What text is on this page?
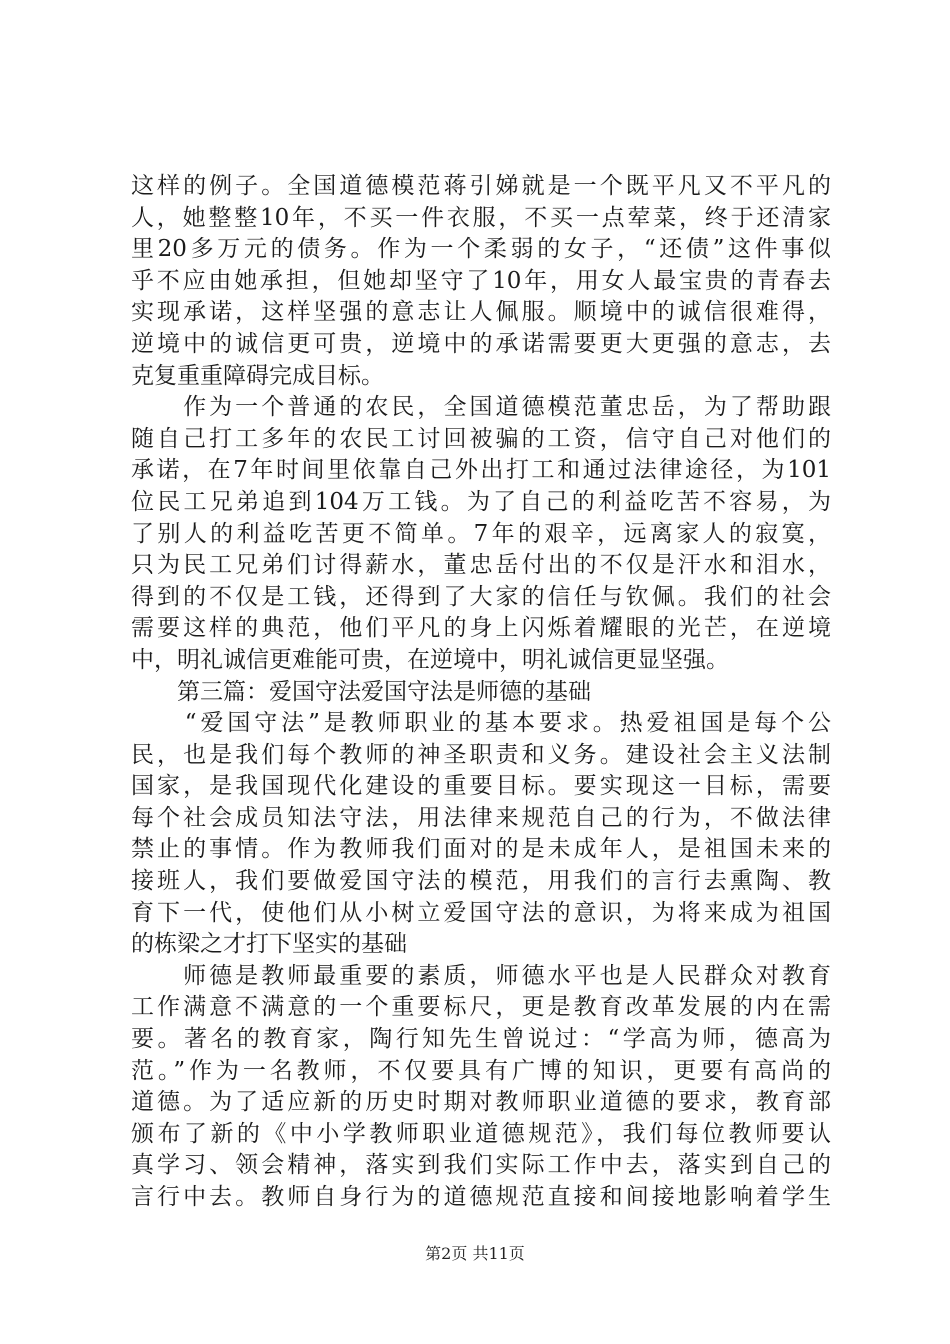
这样的例子。全国道德模范蒋引娣就是一个既平凡又不平凡的
人，她整整10年，不买一件衣服，不买一点荤菜，终于还清家
里20多万元的债务。作为一个柔弱的女子，“还债”这件事似
乎不应由她承担，但她却坚守了10年，用女人最宝贵的青春去
实现承诺，这样坚强的意志让人佩服。顺境中的诚信很难得，
逆境中的诚信更可贵，逆境中的承诺需要更大更强的意志，去
克复重重障碍完成目标。
　　作为一个普通的农民，全国道德模范董忠岳，为了帮助跟
随自己打工多年的农民工讨回被骗的工资，信守自己对他们的
承诺，在7年时间里依靠自己外出打工和通过法律途径，为101
位民工兄弟追到104万工钱。为了自己的利益吃苦不容易，为
了别人的利益吃苦更不简单。7年的艰辛，远离家人的寂寞，
只为民工兄弟们讨得薪水，董忠岳付出的不仅是汗水和泪水，
得到的不仅是工钱，还得到了大家的信任与钦佩。我们的社会
需要这样的典范，他们平凡的身上闪烁着耀眼的光芒，在逆境
中，明礼诚信更难能可贵，在逆境中，明礼诚信更显坚强。
　　第三篇：爱国守法爱国守法是师德的基础
　　“爱国守法”是教师职业的基本要求。热爱祖国是每个公
民，也是我们每个教师的神圣职责和义务。建设社会主义法制
国家，是我国现代化建设的重要目标。要实现这一目标，需要
每个社会成员知法守法，用法律来规范自己的行为，不做法律
禁止的事情。作为教师我们面对的是未成年人，是祖国未来的
接班人，我们要做爱国守法的模范，用我们的言行去熏陶、教
育下一代，使他们从小树立爱国守法的意识，为将来成为祖国
的栋梁之才打下坚实的基础
　　师德是教师最重要的素质，师德水平也是人民群众对教育
工作满意不满意的一个重要标尺，更是教育改革发展的内在需
要。著名的教育家，陶行知先生曾说过：“学高为师，德高为
范。”作为一名教师，不仅要具有广博的知识，更要有高尚的
道德。为了适应新的历史时期对教师职业道德的要求，教育部
颁布了新的《中小学教师职业道德规范》，我们每位教师要认
真学习、领会精神，落实到我们实际工作中去，落实到自己的
言行中去。教师自身行为的道德规范直接和间接地影响着学生
第2页 共11页
